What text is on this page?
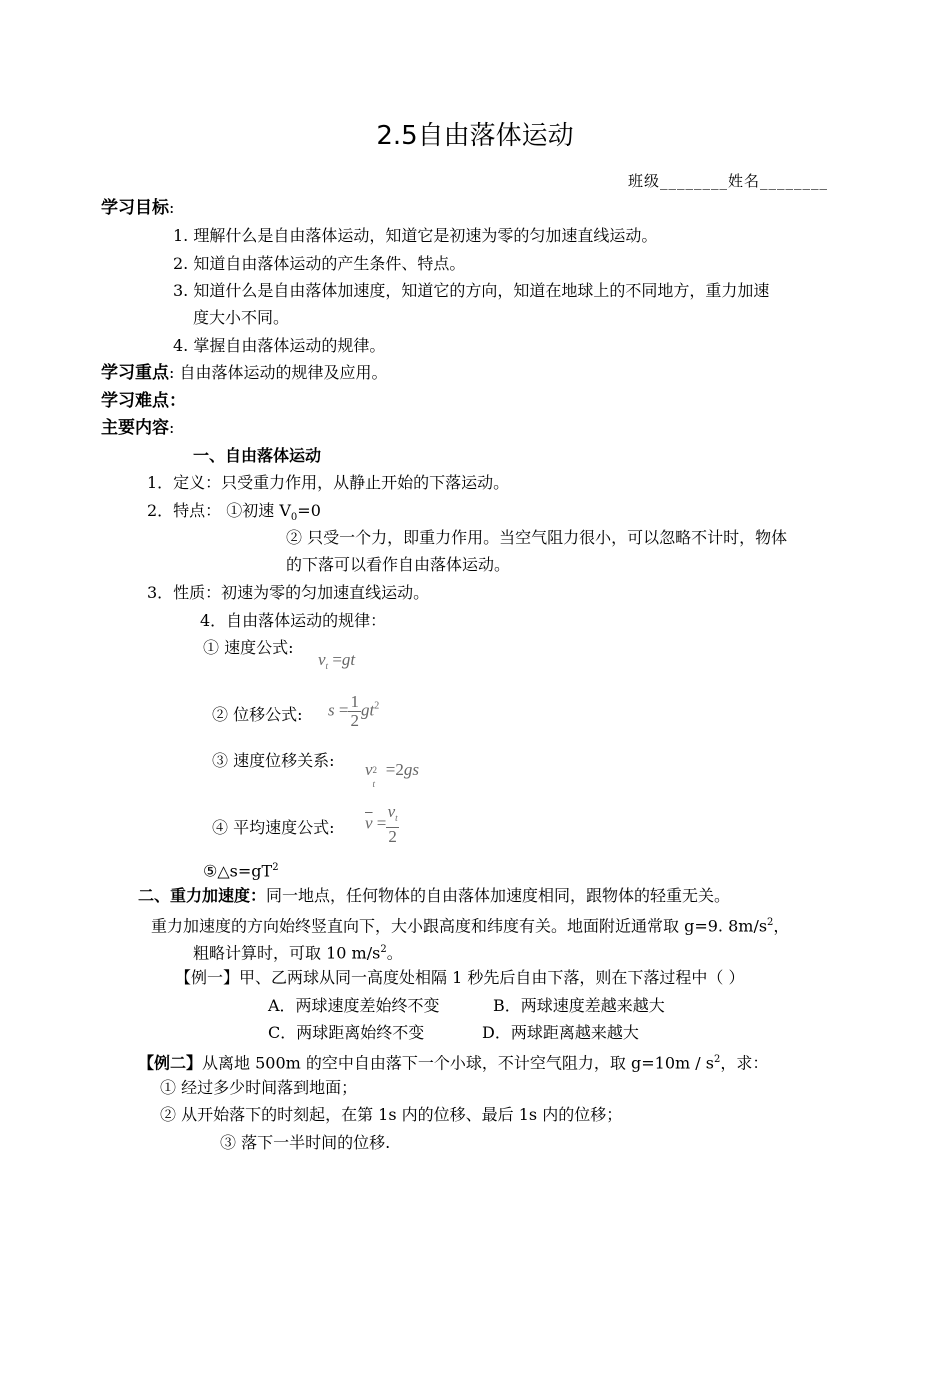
2.5自由落体运动
班级________姓名________
学习目标:
1. 理解什么是自由落体运动，知道它是初速为零的匀加速直线运动。
2. 知道自由落体运动的产生条件、特点。
3. 知道什么是自由落体加速度，知道它的方向，知道在地球上的不同地方，重力加速
度大小不同。
4. 掌握自由落体运动的规律。
学习重点: 自由落体运动的规律及应用。
学习难点：
主要内容:
一、自由落体运动
1．定义：只受重力作用，从静止开始的下落运动。
2．特点： ①初速 $V_0=0$
② 只受一个力，即重力作用。当空气阻力很小，可以忽略不计时，物体
的下落可以看作自由落体运动。
3．性质：初速为零的匀加速直线运动。
4．自由落体运动的规律：
① 速度公式:
$v_t =gt$
② 位移公式: $s = \frac{1}{2} gt^2$
③ 速度位移关系: v 2
t
=2gs
④ 平均速度公式: $\overline{v} = \frac{v_t}{2}$
$⑤\triangle s=gT^2$
二、重力加速度：同一地点，任何物体的自由落体加速度相同，跟物体的轻重无关。
重力加速度的方向始终竖直向下，大小跟高度和纬度有关。地面附近通常取 g=9. $8m/s^2$，
粗略计算时，可取 10 $m/s^2$。
【例一】甲、乙两球从同一高度处相隔 1 秒先后自由下落，则在下落过程中（ ）
A．两球速度差始终不变	B．两球速度差越来越大
C．两球距离始终不变	D．两球距离越来越大
【例二】从离地 500m 的空中自由落下一个小球，不计空气阻力，取 $g=10m / s^2$，求：
① 经过多少时间落到地面；
② 从开始落下的时刻起，在第 1s 内的位移、最后 1s 内的位移；
③ 落下一半时间的位移.
